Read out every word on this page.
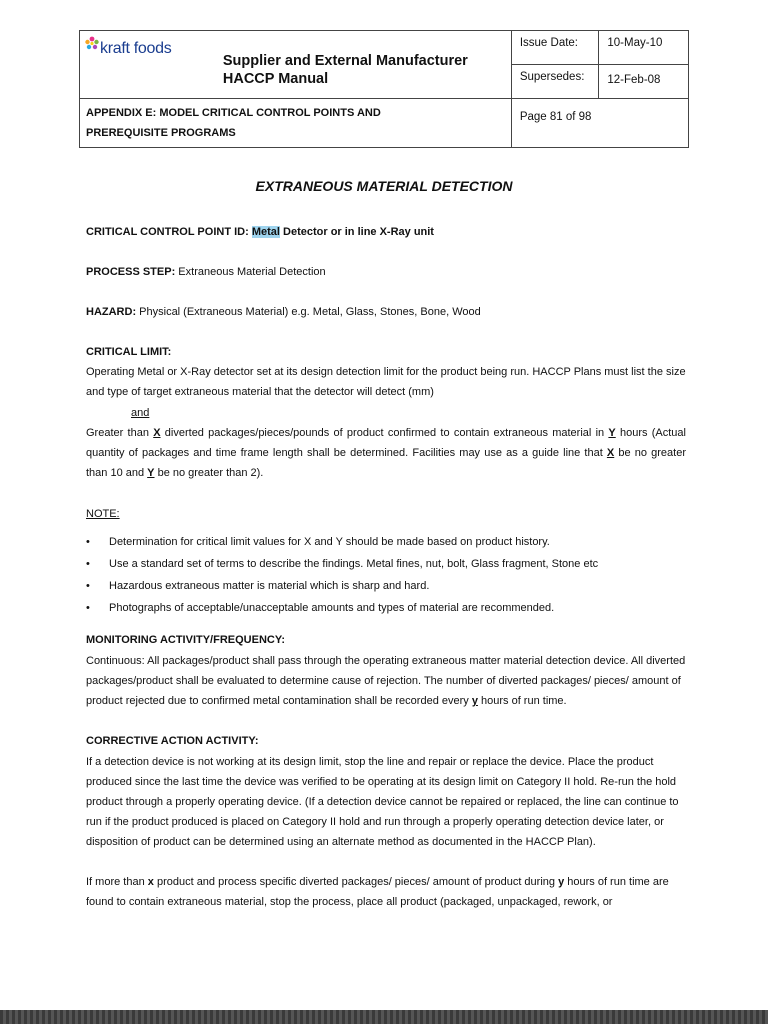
kraft foods	Supplier and External Manufacturer
HACCP Manual	Issue Date:	10-May-10
		Supersedes:	12-Feb-08

APPENDIX E: MODEL CRITICAL CONTROL POINTS AND
PREREQUISITE PROGRAMS		Page 81 of 98	
EXTRANEOUS MATERIAL DETECTION

CRITICAL CONTROL POINT ID: Metal Detector or in line X-Ray unit

PROCESS STEP: Extraneous Material Detection

HAZARD: Physical (Extraneous Material) e.g. Metal, Glass, Stones, Bone, Wood

CRITICAL LIMIT:

Operating Metal or X-Ray detector set at its design detection limit for the product being run. HACCP Plans must list the size and type of target extraneous material that the detector will detect (mm)

and

Greater than X diverted packages/pieces/pounds of product confirmed to contain extraneous material in Y hours (Actual quantity of packages and time frame length shall be determined. Facilities may use as a guide line that X be no greater than 10 and Y be no greater than 2).

NOTE:

• Determination for critical limit values for X and Y should be made based on product history.
• Use a standard set of terms to describe the findings. Metal fines, nut, bolt, Glass fragment, Stone etc
• Hazardous extraneous matter is material which is sharp and hard.
• Photographs of acceptable/unacceptable amounts and types of material are recommended.

MONITORING ACTIVITY/FREQUENCY:

Continuous: All packages/product shall pass through the operating extraneous matter material detection device. All diverted packages/product shall be evaluated to determine cause of rejection. The number of diverted packages/ pieces/ amount of product rejected due to confirmed metal contamination shall be recorded every y hours of run time.

CORRECTIVE ACTION ACTIVITY:

If a detection device is not working at its design limit, stop the line and repair or replace the device. Place the product produced since the last time the device was verified to be operating at its design limit on Category II hold. Re-run the hold product through a properly operating device. (If a detection device cannot be repaired or replaced, the line can continue to run if the product produced is placed on Category II hold and run through a properly operating detection device later, or disposition of product can be determined using an alternate method as documented in the HACCP Plan).

If more than x product and process specific diverted packages/ pieces/ amount of product during y hours of run time are found to contain extraneous material, stop the process, place all product (packaged, unpackaged, rework, or
